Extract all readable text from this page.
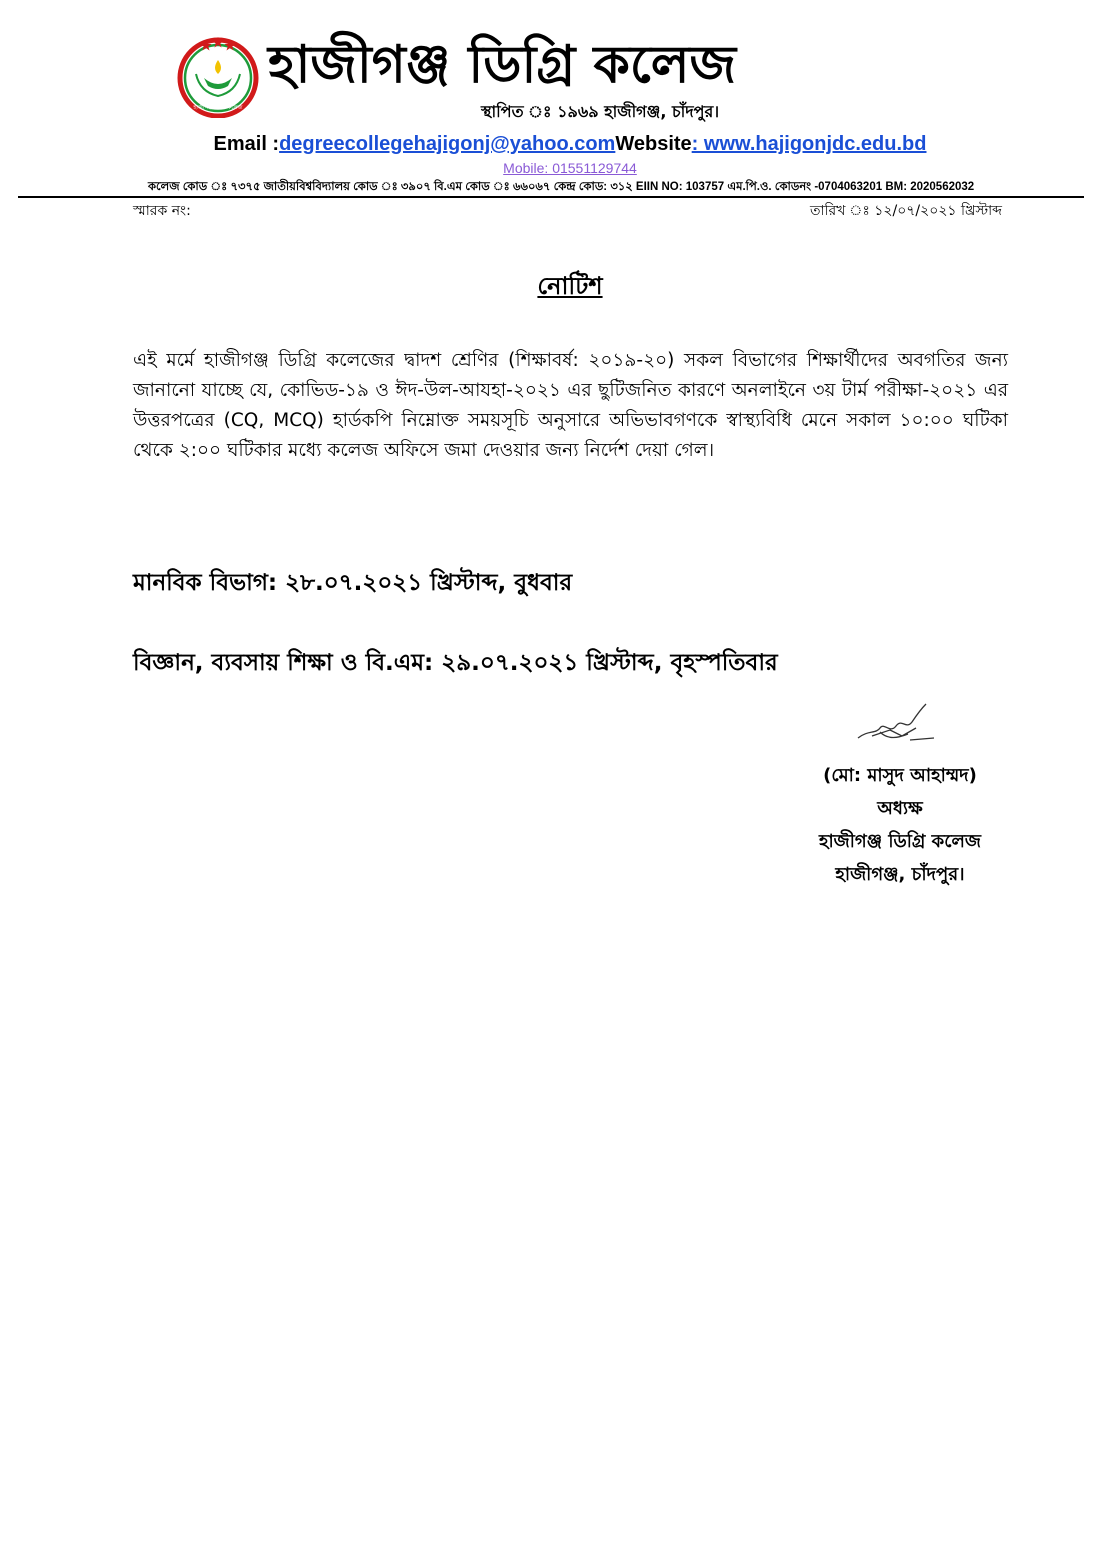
হাজীগঞ্জ ডিগ্রি কলেজ
হাজীগঞ্জ ডিগ্রি কলেজ
স্থাপিত ঃ ১৯৬৯ হাজীগঞ্জ, চাঁদপুর।
Email :degreecollegehajigonj@yahoo.comWebsite: www.hajigonjdc.edu.bd
Mobile: 01551129744
কলেজ কোড ঃ ৭৩৭৫ জাতীয়বিশ্ববিদ্যালয় কোড ঃ ৩৯০৭ বি.এম কোড ঃ ৬৬০৬৭ কেন্দ্র কোড: ৩১২ EIIN NO: 103757 এম.পি.ও. কোডনং -0704063201 BM: 2020562032
স্মারক নং:	তারিখ ঃ ১২/০৭/২০২১ খ্রিস্টাব্দ
নোটিশ
এই মর্মে হাজীগঞ্জ ডিগ্রি কলেজের দ্বাদশ শ্রেণির (শিক্ষাবর্ষ: ২০১৯-২০) সকল বিভাগের শিক্ষার্থীদের অবগতির জন্য জানানো যাচ্ছে যে, কোভিড-১৯ ও ঈদ-উল-আযহা-২০২১ এর ছুটিজনিত কারণে অনলাইনে ৩য় টার্ম পরীক্ষা-২০২১ এর উত্তরপত্রের (CQ, MCQ) হার্ডকপি নিম্নোক্ত সময়সূচি অনুসারে অভিভাবগণকে স্বাস্থ্যবিধি মেনে সকাল ১০:০০ ঘটিকা থেকে ২:০০ ঘটিকার মধ্যে কলেজ অফিসে জমা দেওয়ার জন্য নির্দেশ দেয়া গেল।
মানবিক বিভাগ: ২৮.০৭.২০২১ খ্রিস্টাব্দ, বুধবার
বিজ্ঞান, ব্যবসায় শিক্ষা ও বি.এম: ২৯.০৭.২০২১ খ্রিস্টাব্দ, বৃহস্পতিবার
(মো: মাসুদ আহাম্মদ)
অধ্যক্ষ
হাজীগঞ্জ ডিগ্রি কলেজ
হাজীগঞ্জ, চাঁদপুর।
